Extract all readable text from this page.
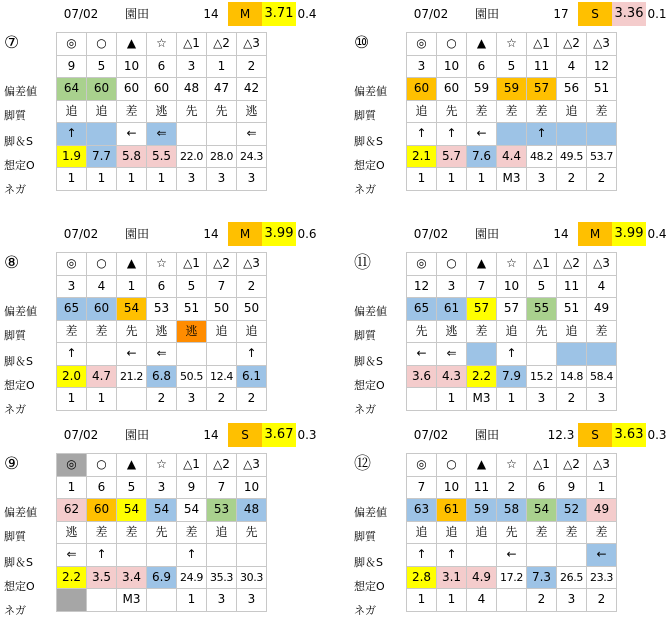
07/02	園田	14	M	3.71 0.4
⑦
偏差値
脚質
脚＆S
想定O
ネガ
◎	○	▲	☆	△1	△2	△3
9	5	10	6	3	1	2
64	60	60	60	48	47	42
追	追	差	逃	先	先	逃
↑		←	⇐			⇐
1.9	7.7	5.8	5.5	22.0	28.0	24.3
1	1	1	1	3	3	3
07/02	園田	17	S	3.36 0.1
⑩
偏差値
脚質
脚＆S
想定O
ネガ
◎	○	▲	☆	△1	△2	△3
3	10	6	5	11	4	12
60	60	59	59	57	56	51
追	先	差	差	差	追	差
↑	↑	←		↑		
2.1	5.7	7.6	4.4	48.2	49.5	53.7
1	1	1	M3	3	2	2
07/02	園田	14	M	3.99 0.6
⑧
偏差値
脚質
脚＆S
想定O
ネガ
◎	○	▲	☆	△1	△2	△3
3	4	1	6	5	7	2
65	60	54	53	51	50	50
差	差	先	逃	逃	追	追
↑		←	⇐			↑
2.0	4.7	21.2	6.8	50.5	12.4	6.1
1	1		2	3	2	2
07/02	園田	14	M	3.99 0.4
⑪
偏差値
脚質
脚＆S
想定O
ネガ
◎	○	▲	☆	△1	△2	△3
12	3	7	10	5	11	4
65	61	57	57	55	51	49
先	逃	差	追	先	追	差
←	⇐		↑			
3.6	4.3	2.2	7.9	15.2	14.8	58.4
	1	M3	1	3	2	3
07/02	園田	14	S	3.67 0.3
⑨
偏差値
脚質
脚＆S
想定O
ネガ
◎	○	▲	☆	△1	△2	△3
1	6	5	3	9	7	10
62	60	54	54	54	53	48
逃	差	差	先	差	追	先
⇐	↑			↑		
2.2	3.5	3.4	6.9	24.9	35.3	30.3
		M3		1	3	3
07/02	園田	12.3	S	3.63 0.3
⑫
偏差値
脚質
脚＆S
想定O
ネガ
◎	○	▲	☆	△1	△2	△3
7	10	11	2	6	9	1
63	61	59	58	54	52	49
追	追	追	先	差	差	差
↑	↑		←			←
2.8	3.1	4.9	17.2	7.3	26.5	23.3
1	1	4		2	3	2
